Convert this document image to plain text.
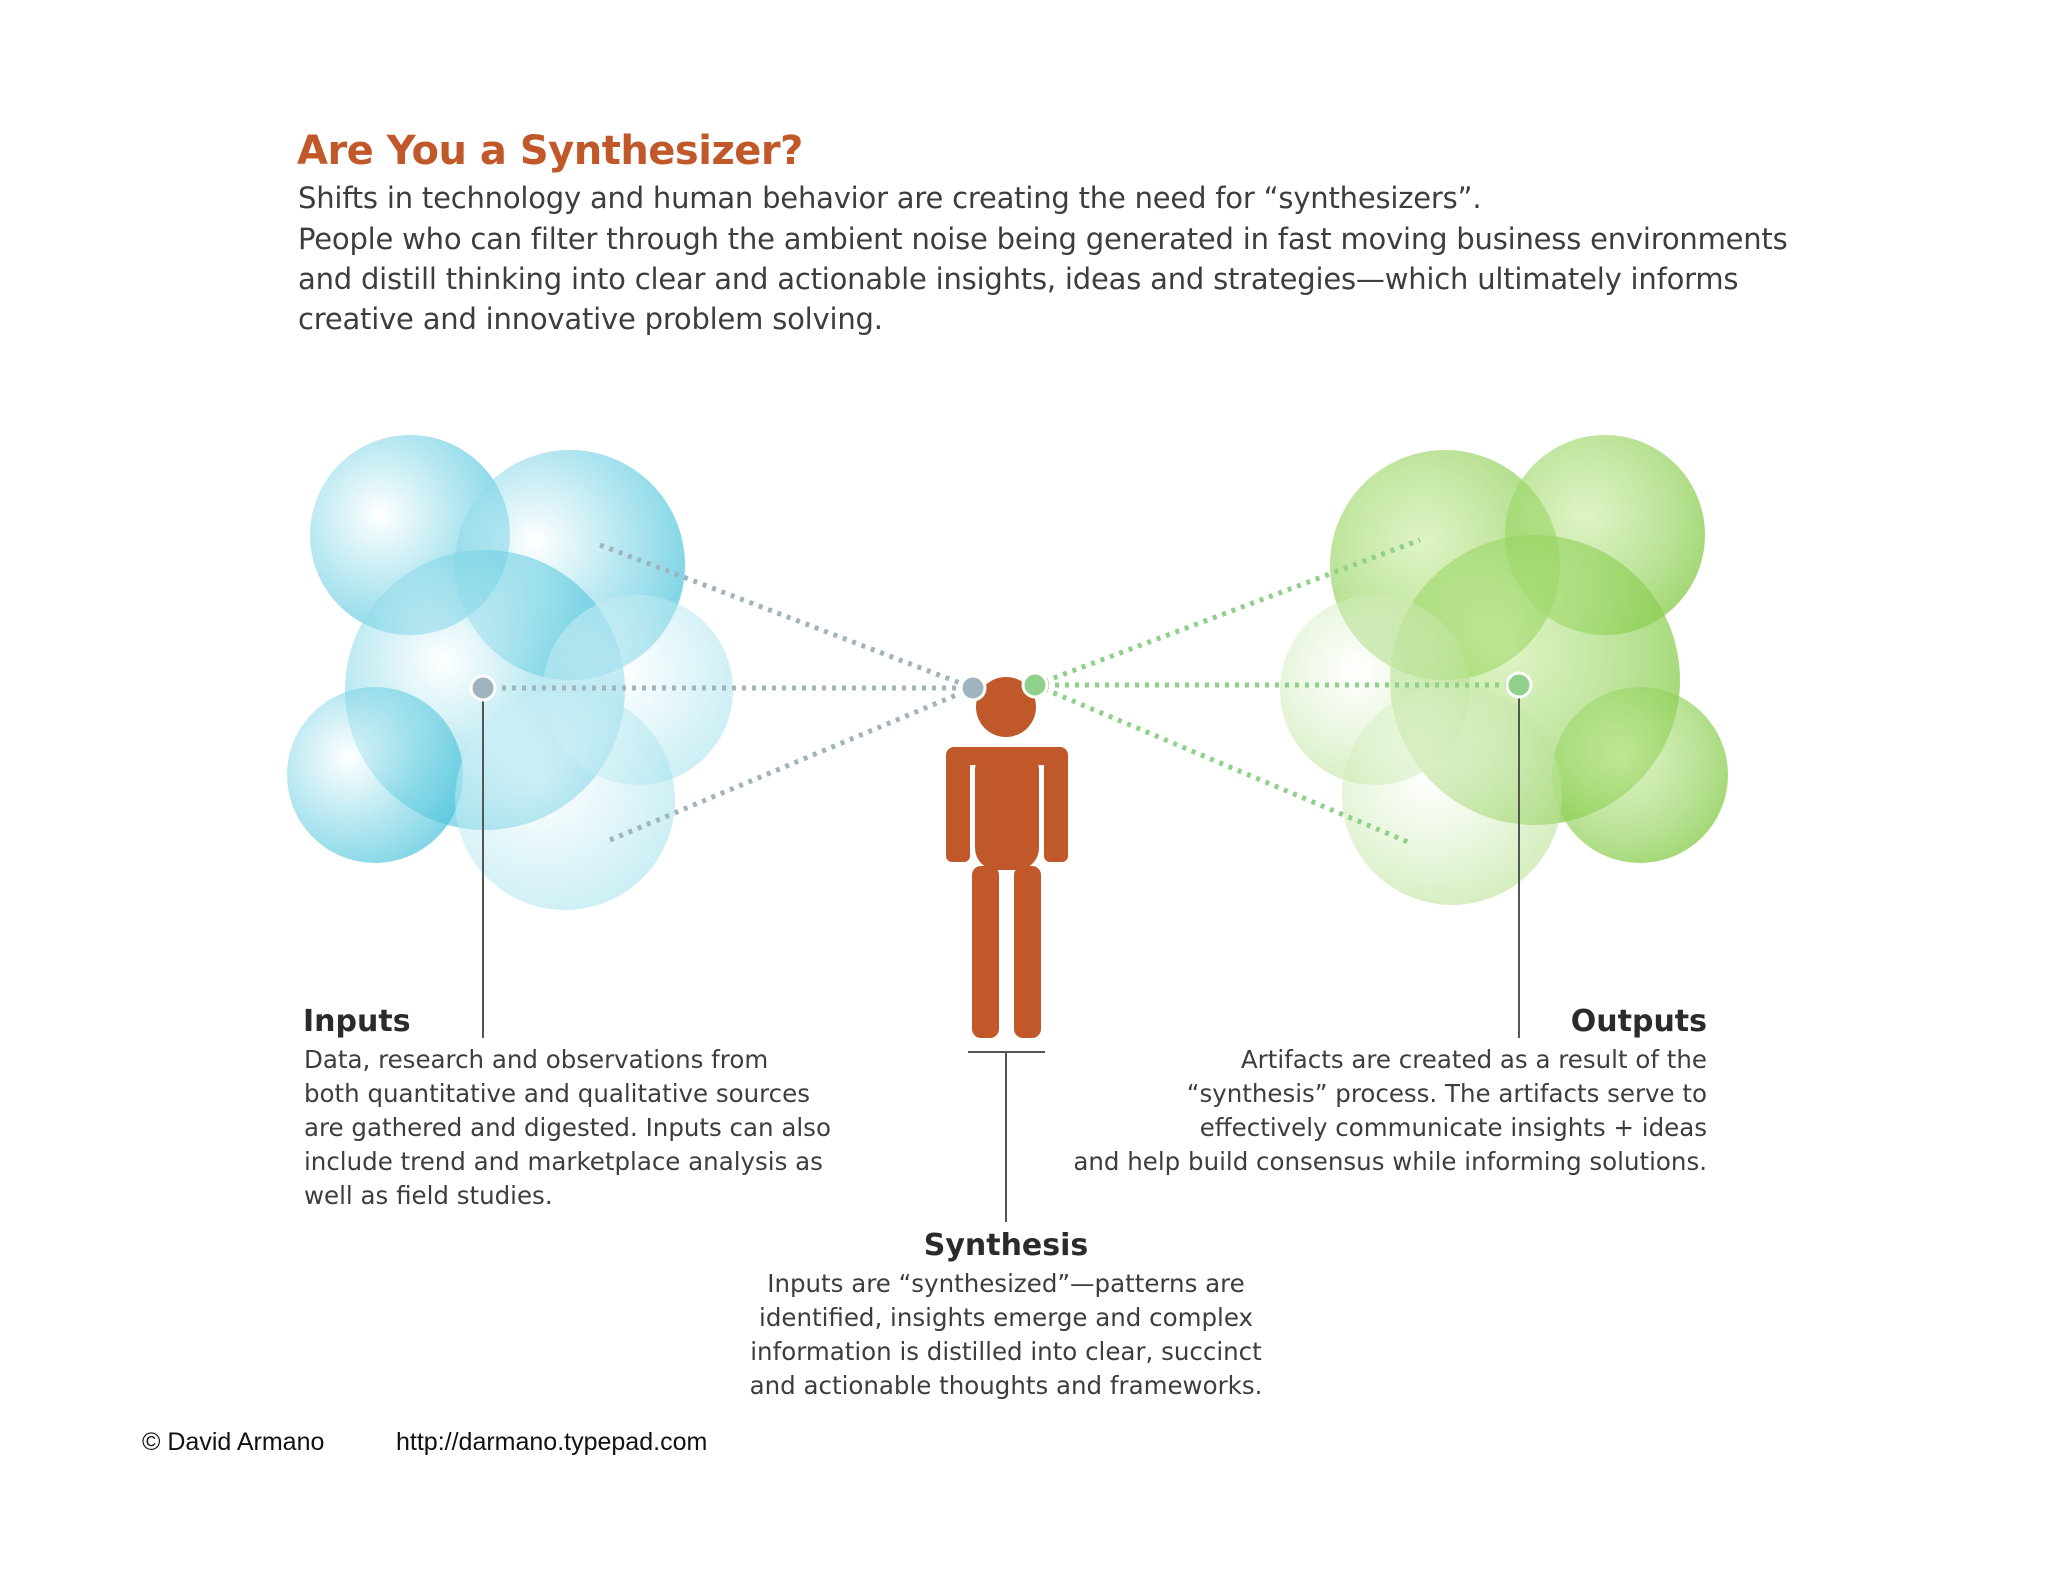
Are You a Synthesizer?
Shifts in technology and human behavior are creating the need for “synthesizers”.
People who can filter through the ambient noise being generated in fast moving business environments
and distill thinking into clear and actionable insights, ideas and strategies—which ultimately informs
creative and innovative problem solving.
Inputs
Data, research and observations from
both quantitative and qualitative sources
are gathered and digested. Inputs can also
include trend and marketplace analysis as
well as field studies.
Outputs
Artifacts are created as a result of the
“synthesis” process. The artifacts serve to
effectively communicate insights + ideas
and help build consensus while informing solutions.
Synthesis
Inputs are “synthesized”—patterns are
identified, insights emerge and complex
information is distilled into clear, succinct
and actionable thoughts and frameworks.
© David Armano	http://darmano.typepad.com
